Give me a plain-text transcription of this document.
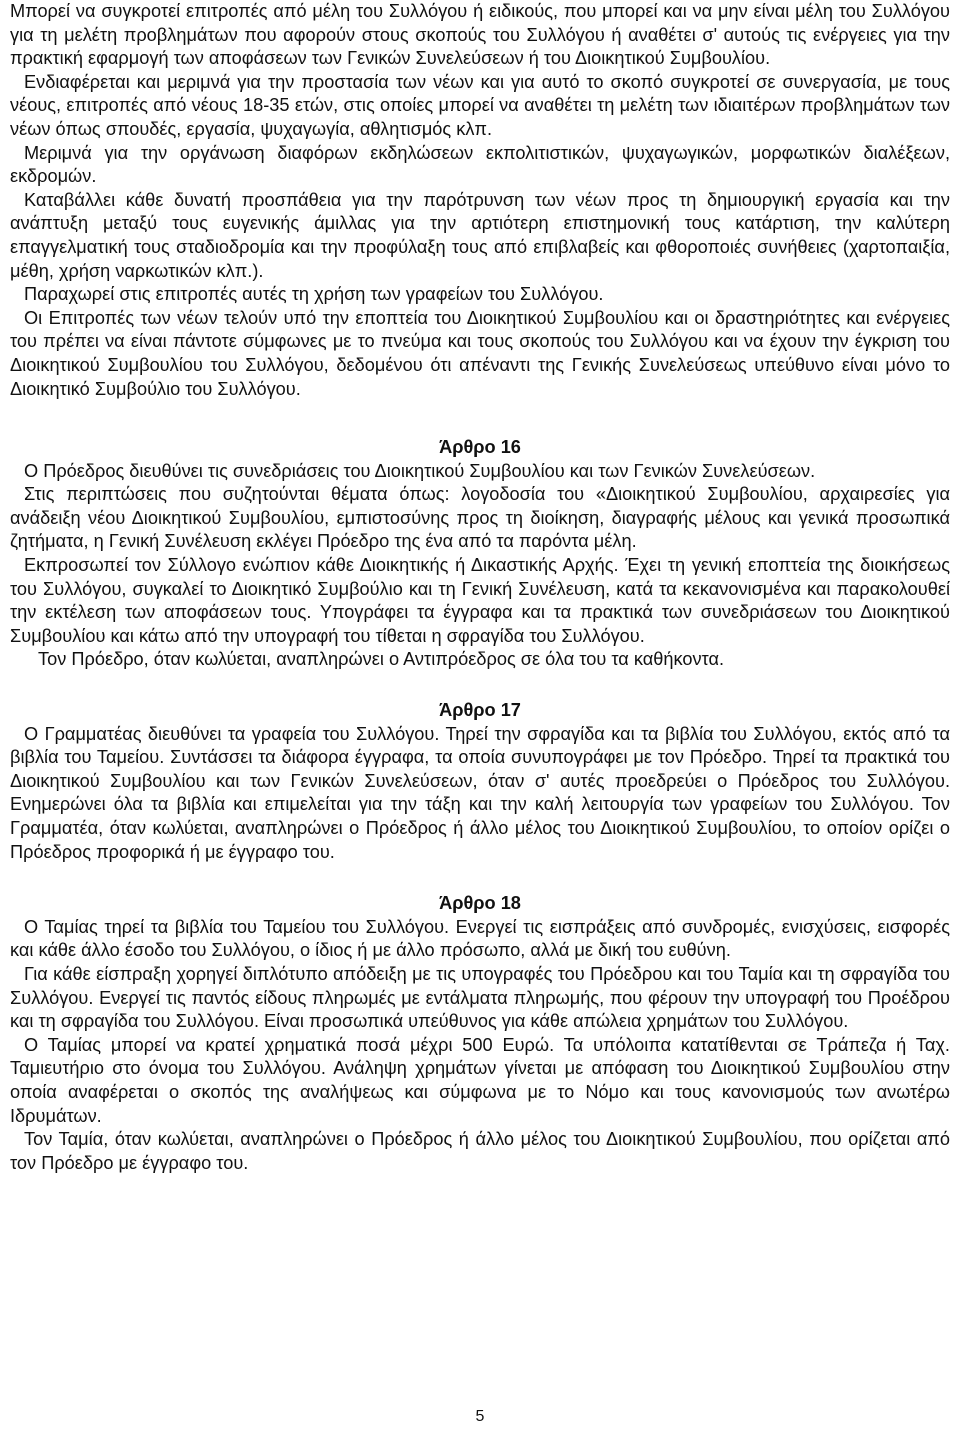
Μπορεί να συγκροτεί επιτροπές από μέλη του Συλλόγου ή ειδικούς, που μπορεί και να μην είναι μέλη του Συλλόγου για τη μελέτη προβλημάτων που αφορούν στους σκοπούς του Συλλόγου ή αναθέτει σ' αυτούς τις ενέργειες για την πρακτική εφαρμογή των αποφάσεων των Γενικών Συνελεύσεων ή του Διοικητικού Συμβουλίου.

Ενδιαφέρεται και μεριμνά για την προστασία των νέων και για αυτό το σκοπό συγκροτεί σε συνεργασία, με τους νέους, επιτροπές από νέους 18-35 ετών, στις οποίες μπορεί να αναθέτει τη μελέτη των ιδιαιτέρων προβλημάτων των νέων όπως σπουδές, εργασία, ψυχαγωγία, αθλητισμός κλπ.

Μεριμνά για την οργάνωση διαφόρων εκδηλώσεων εκπολιτιστικών, ψυχαγωγικών, μορφωτικών διαλέξεων, εκδρομών.

Καταβάλλει κάθε δυνατή προσπάθεια για την παρότρυνση των νέων προς τη δημιουργική εργασία και την ανάπτυξη μεταξύ τους ευγενικής άμιλλας για την αρτιότερη επιστημονική τους κατάρτιση, την καλύτερη επαγγελματική τους σταδιοδρομία και την προφύλαξη τους από επιβλαβείς και φθοροποιές συνήθειες (χαρτοπαιξία, μέθη, χρήση ναρκωτικών κλπ.).

Παραχωρεί στις επιτροπές αυτές τη χρήση των γραφείων του Συλλόγου.

Οι Επιτροπές των νέων τελούν υπό την εποπτεία του Διοικητικού Συμβουλίου και οι δραστηριότητες και ενέργειες του πρέπει να είναι πάντοτε σύμφωνες με το πνεύμα και τους σκοπούς του Συλλόγου και να έχουν την έγκριση του Διοικητικού Συμβουλίου του Συλλόγου, δεδομένου ότι απέναντι της Γενικής Συνελεύσεως υπεύθυνο είναι μόνο το Διοικητικό Συμβούλιο του Συλλόγου.

Άρθρο 16

Ο Πρόεδρος διευθύνει τις συνεδριάσεις του Διοικητικού Συμβουλίου και των Γενικών Συνελεύσεων.

Στις περιπτώσεις που συζητούνται θέματα όπως: λογοδοσία του «Διοικητικού Συμβουλίου, αρχαιρεσίες για ανάδειξη νέου Διοικητικού Συμβουλίου, εμπιστοσύνης προς τη διοίκηση, διαγραφής μέλους και γενικά προσωπικά ζητήματα, η Γενική Συνέλευση εκλέγει Πρόεδρο της ένα από τα παρόντα μέλη.

Εκπροσωπεί τον Σύλλογο ενώπιον κάθε Διοικητικής ή Δικαστικής Αρχής. Έχει τη γενική εποπτεία της διοικήσεως του Συλλόγου, συγκαλεί το Διοικητικό Συμβούλιο και τη Γενική Συνέλευση, κατά τα κεκανονισμένα και παρακολουθεί την εκτέλεση των αποφάσεων τους. Υπογράφει τα έγγραφα και τα πρακτικά των συνεδριάσεων του Διοικητικού Συμβουλίου και κάτω από την υπογραφή του τίθεται η σφραγίδα του Συλλόγου.

Τον Πρόεδρο, όταν κωλύεται, αναπληρώνει ο Αντιπρόεδρος σε όλα του τα καθήκοντα.

Άρθρο 17

Ο Γραμματέας διευθύνει τα γραφεία του Συλλόγου. Τηρεί την σφραγίδα και τα βιβλία του Συλλόγου, εκτός από τα βιβλία του Ταμείου. Συντάσσει τα διάφορα έγγραφα, τα οποία συνυπογράφει με τον Πρόεδρο. Τηρεί τα πρακτικά του Διοικητικού Συμβουλίου και των Γενικών Συνελεύσεων, όταν σ' αυτές προεδρεύει ο Πρόεδρος του Συλλόγου. Ενημερώνει όλα τα βιβλία και επιμελείται για την τάξη και την καλή λειτουργία των γραφείων του Συλλόγου. Τον Γραμματέα, όταν κωλύεται, αναπληρώνει ο Πρόεδρος ή άλλο μέλος του Διοικητικού Συμβουλίου, το οποίον ορίζει ο Πρόεδρος προφορικά ή με έγγραφο του.

Άρθρο 18

Ο Ταμίας τηρεί τα βιβλία του Ταμείου του Συλλόγου. Ενεργεί τις εισπράξεις από συνδρομές, ενισχύσεις, εισφορές και κάθε άλλο έσοδο του Συλλόγου, ο ίδιος ή με άλλο πρόσωπο, αλλά με δική του ευθύνη.

Για κάθε είσπραξη χορηγεί διπλότυπο απόδειξη με τις υπογραφές του Πρόεδρου και του Ταμία και τη σφραγίδα του Συλλόγου. Ενεργεί τις παντός είδους πληρωμές με εντάλματα πληρωμής, που φέρουν την υπογραφή του Προέδρου και τη σφραγίδα του Συλλόγου. Είναι προσωπικά υπεύθυνος για κάθε απώλεια χρημάτων του Συλλόγου.

Ο Ταμίας μπορεί να κρατεί χρηματικά ποσά μέχρι 500 Ευρώ. Τα υπόλοιπα κατατίθενται σε Τράπεζα ή Ταχ. Ταμιευτήριο στο όνομα του Συλλόγου. Ανάληψη χρημάτων γίνεται με απόφαση του Διοικητικού Συμβουλίου στην οποία αναφέρεται ο σκοπός της αναλήψεως και σύμφωνα με το Νόμο και τους κανονισμούς των ανωτέρω Ιδρυμάτων.

Τον Ταμία, όταν κωλύεται, αναπληρώνει ο Πρόεδρος ή άλλο μέλος του Διοικητικού Συμβουλίου, που ορίζεται από τον Πρόεδρο με έγγραφο του.

5
